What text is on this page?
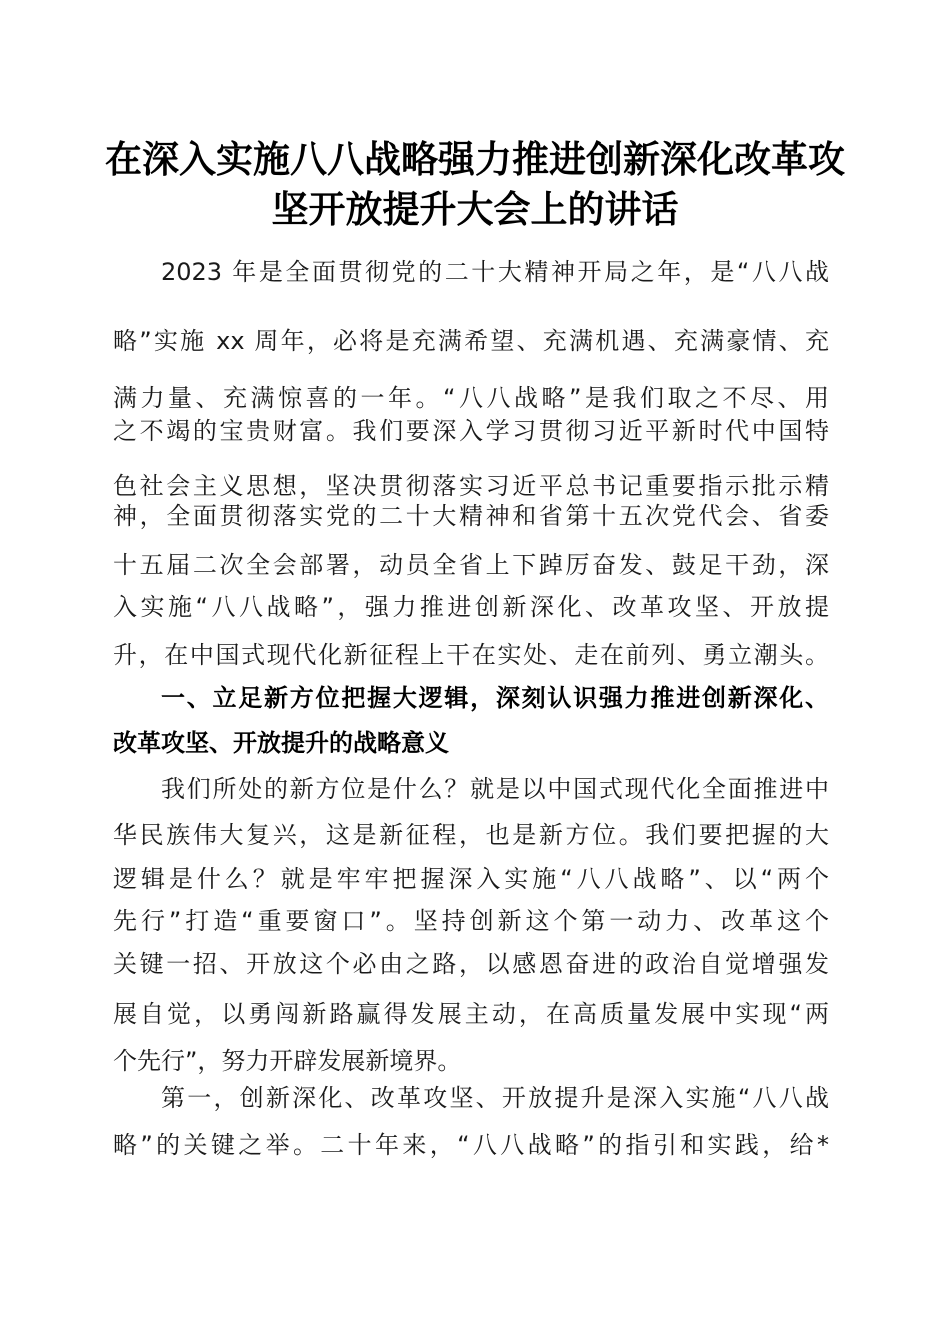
在深入实施八八战略强力推进创新深化改革攻
坚开放提升大会上的讲话
2023 年是全面贯彻党的二十大精神开局之年，是“八八战
略”实施 xx 周年，必将是充满希望、充满机遇、充满豪情、充
满力量、充满惊喜的一年。“八八战略”是我们取之不尽、用
之不竭的宝贵财富。我们要深入学习贯彻习近平新时代中国特
色社会主义思想，坚决贯彻落实习近平总书记重要指示批示精
神，全面贯彻落实党的二十大精神和省第十五次党代会、省委
十五届二次全会部署，动员全省上下踔厉奋发、鼓足干劲，深
入实施“八八战略”，强力推进创新深化、改革攻坚、开放提
升，在中国式现代化新征程上干在实处、走在前列、勇立潮头。
一、立足新方位把握大逻辑，深刻认识强力推进创新深化、
改革攻坚、开放提升的战略意义
我们所处的新方位是什么？就是以中国式现代化全面推进中
华民族伟大复兴，这是新征程，也是新方位。我们要把握的大
逻辑是什么？就是牢牢把握深入实施“八八战略”、以“两个
先行”打造“重要窗口”。坚持创新这个第一动力、改革这个
关键一招、开放这个必由之路，以感恩奋进的政治自觉增强发
展自觉，以勇闯新路赢得发展主动，在高质量发展中实现“两
个先行”，努力开辟发展新境界。
第一，创新深化、改革攻坚、开放提升是深入实施“八八战
略”的关键之举。二十年来，“八八战略”的指引和实践，给*
